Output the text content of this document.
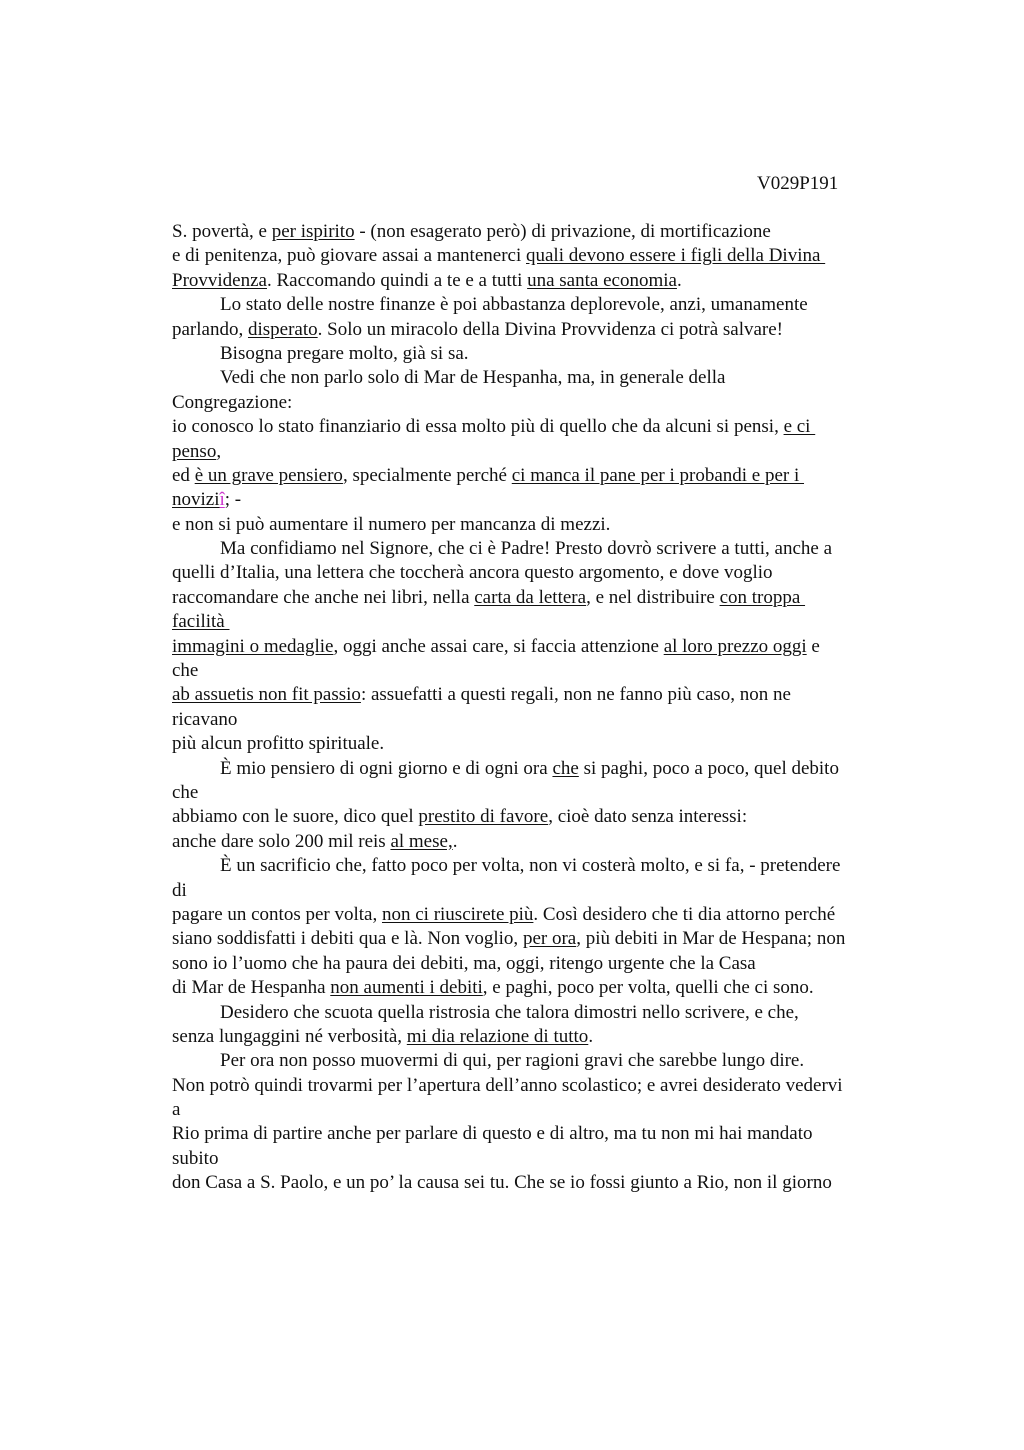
V029P191
S. povertà, e per ispirito - (non esagerato però) di privazione, di mortificazione
e di penitenza, può giovare assai a mantenerci quali devono essere i figli della Divina
Provvidenza. Raccomando quindi a te e a tutti una santa economia.
Lo stato delle nostre finanze è poi abbastanza deplorevole, anzi, umanamente
parlando, disperato. Solo un miracolo della Divina Provvidenza ci potrà salvare!
Bisogna pregare molto, già si sa.
Vedi che non parlo solo di Mar de Hespanha, ma, in generale della
Congregazione:
io conosco lo stato finanziario di essa molto più di quello che da alcuni si pensi, e ci
penso,
ed è un grave pensiero, specialmente perché ci manca il pane per i probandi e per i
noviziî; -
e non si può aumentare il numero per mancanza di mezzi.
Ma confidiamo nel Signore, che ci è Padre! Presto dovrò scrivere a tutti, anche a
quelli d’Italia, una lettera che toccherà ancora questo argomento, e dove voglio
raccomandare che anche nei libri, nella carta da lettera, e nel distribuire con troppa
facilità
immagini o medaglie, oggi anche assai care, si faccia attenzione al loro prezzo oggi e
che
ab assuetis non fit passio: assuefatti a questi regali, non ne fanno più caso, non ne
ricavano
più alcun profitto spirituale.
È mio pensiero di ogni giorno e di ogni ora che si paghi, poco a poco, quel debito
che
abbiamo con le suore, dico quel prestito di favore, cioè dato senza interessi:
anche dare solo 200 mil reis al mese,.
È un sacrificio che, fatto poco per volta, non vi costerà molto, e si fa, - pretendere
di
pagare un contos per volta, non ci riuscirete più. Così desidero che ti dia attorno perché
siano soddisfatti i debiti qua e là. Non voglio, per ora, più debiti in Mar de Hespana; non
sono io l’uomo che ha paura dei debiti, ma, oggi, ritengo urgente che la Casa
di Mar de Hespanha non aumenti i debiti, e paghi, poco per volta, quelli che ci sono.
Desidero che scuota quella ristrosia che talora dimostri nello scrivere, e che,
senza lungaggini né verbosità, mi dia relazione di tutto.
Per ora non posso muovermi di qui, per ragioni gravi che sarebbe lungo dire.
Non potrò quindi trovarmi per l’apertura dell’anno scolastico; e avrei desiderato vedervi
a
Rio prima di partire anche per parlare di questo e di altro, ma tu non mi hai mandato
subito
don Casa a S. Paolo, e un po’ la causa sei tu. Che se io fossi giunto a Rio, non il giorno
